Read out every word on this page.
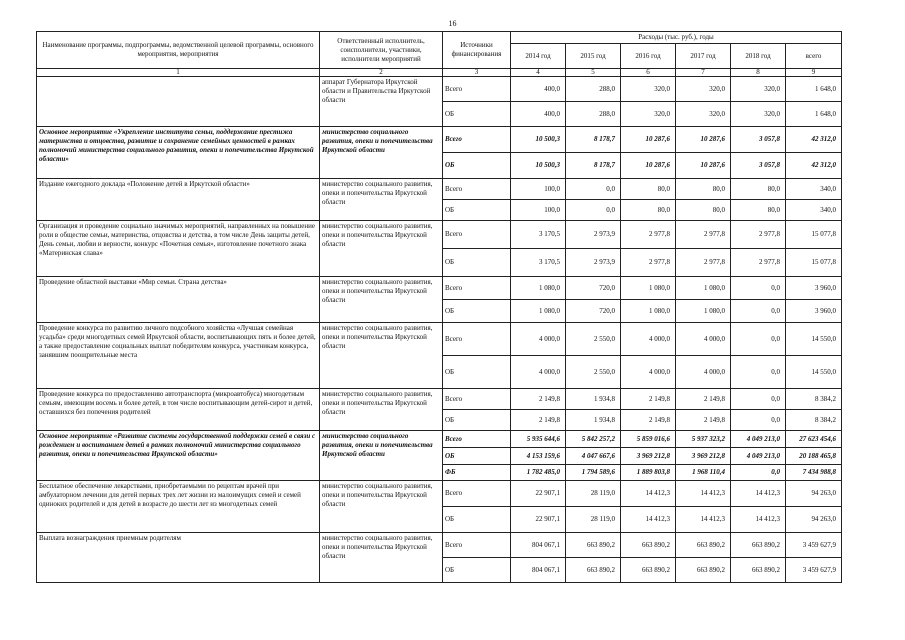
16
Наименование программы, подпрограммы, ведомственной целевой программы, основного мероприятия, мероприятия	Ответственный исполнитель, соисполнители, участники, исполнители мероприятий	Источники финансирования	Расходы (тыс. руб.), годы					
			2014 год	2015 год	2016 год	2017 год	2018 год	всего
1	2	3	4	5	6	7	8	9
	аппарат Губернатора Иркутской области и Правительства Иркутской области	Всего	400,0	288,0	320,0	320,0	320,0	1 648,0
		ОБ	400,0	288,0	320,0	320,0	320,0	1 648,0
Основное мероприятие «Укрепление института семьи, поддержание престижа материнства и отцовства, развитие и сохранение семейных ценностей в рамках полномочий министерства социального развития, опеки и попечительства Иркутской области»	министерство социального развития, опеки и попечительства Иркутской области	Всего	10 500,3	8 178,7	10 287,6	10 287,6	3 057,8	42 312,0
		ОБ	10 500,3	8 178,7	10 287,6	10 287,6	3 057,8	42 312,0
Издание ежегодного доклада «Положение детей в Иркутской области»	министерство социального развития, опеки и попечительства Иркутской области	Всего	100,0	0,0	80,0	80,0	80,0	340,0
		ОБ	100,0	0,0	80,0	80,0	80,0	340,0
Организация и проведение социально значимых мероприятий, направленных на повышение роли в обществе семьи, материнства, отцовства и детства, в том числе День защиты детей, День семьи, любви и верности, конкурс «Почетная семья», изготовление почетного знака «Материнская слава»	министерство социального развития, опеки и попечительства Иркутской области	Всего	3 170,5	2 973,9	2 977,8	2 977,8	2 977,8	15 077,8
		ОБ	3 170,5	2 973,9	2 977,8	2 977,8	2 977,8	15 077,8
Проведение областной выставки «Мир семьи. Страна детства»	министерство социального развития, опеки и попечительства Иркутской области	Всего	1 080,0	720,0	1 080,0	1 080,0	0,0	3 960,0
		ОБ	1 080,0	720,0	1 080,0	1 080,0	0,0	3 960,0
Проведение конкурса по развитию личного подсобного хозяйства «Лучшая семейная усадьба» среди многодетных семей Иркутской области, воспитывающих пять и более детей, а также предоставление социальных выплат победителям конкурса, участникам конкурса, занявшим поощрительные места	министерство социального развития, опеки и попечительства Иркутской области	Всего	4 000,0	2 550,0	4 000,0	4 000,0	0,0	14 550,0
		ОБ	4 000,0	2 550,0	4 000,0	4 000,0	0,0	14 550,0
Проведение конкурса по предоставлению автотранспорта (микроавтобуса) многодетным семьям, имеющим восемь и более детей, в том числе воспитывающим детей-сирот и детей, оставшихся без попечения родителей	министерство социального развития, опеки и попечительства Иркутской области	Всего	2 149,8	1 934,8	2 149,8	2 149,8	0,0	8 384,2
		ОБ	2 149,8	1 934,8	2 149,8	2 149,8	0,0	8 384,2
Основное мероприятие «Развитие системы государственной поддержки семей в связи с рождением и воспитанием детей в рамках полномочий министерства социального развития, опеки и попечительства Иркутской области»	министерство социального развития, опеки и попечительства Иркутской области	Всего	5 935 644,6	5 842 257,2	5 859 016,6	5 937 323,2	4 049 213,0	27 623 454,6
		ОБ	4 153 159,6	4 047 667,6	3 969 212,8	3 969 212,8	4 049 213,0	20 188 465,8
		ФБ	1 782 485,0	1 794 589,6	1 889 803,8	1 968 110,4	0,0	7 434 988,8
Бесплатное обеспечение лекарствами, приобретаемыми по рецептам врачей при амбулаторном лечении для детей первых трех лет жизни из малоимущих семей и семей одиноких родителей и для детей в возрасте до шести лет из многодетных семей	министерство социального развития, опеки и попечительства Иркутской области	Всего	22 907,1	28 119,0	14 412,3	14 412,3	14 412,3	94 263,0
		ОБ	22 907,1	28 119,0	14 412,3	14 412,3	14 412,3	94 263,0
Выплата вознаграждения приемным родителям	министерство социального развития, опеки и попечительства Иркутской области	Всего	804 067,1	663 890,2	663 890,2	663 890,2	663 890,2	3 459 627,9
		ОБ	804 067,1	663 890,2	663 890,2	663 890,2	663 890,2	3 459 627,9
